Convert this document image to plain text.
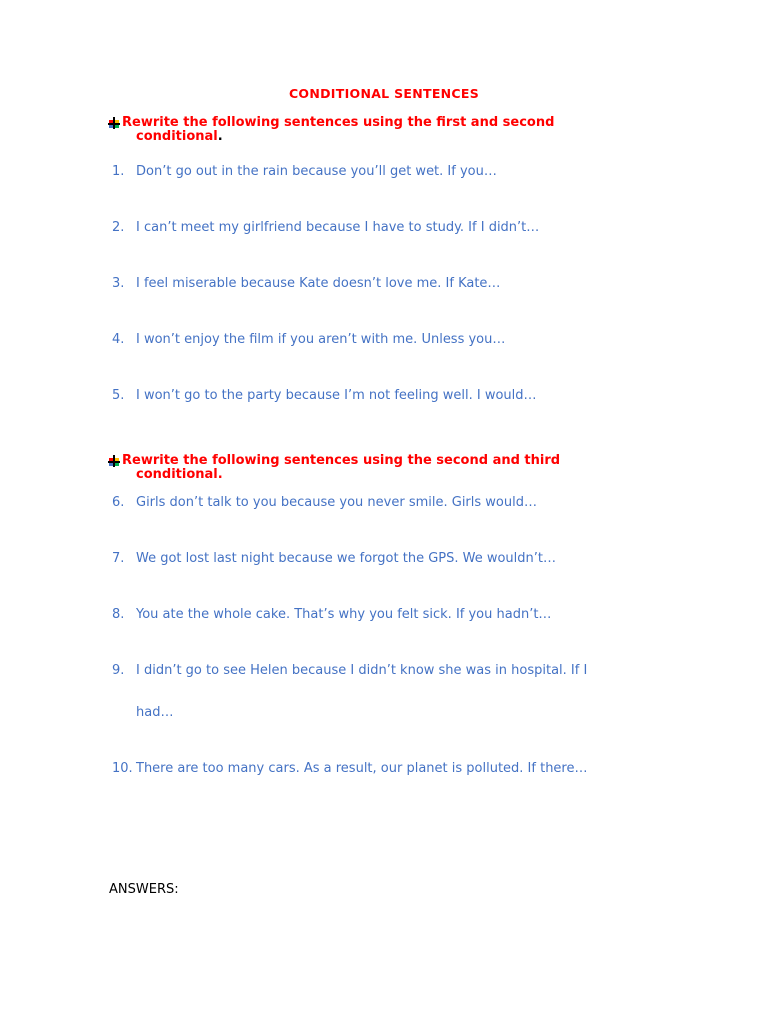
CONDITIONAL SENTENCES
Rewrite the following sentences using the first and second
conditional.
1. Don’t go out in the rain because you’ll get wet. If you…
2. I can’t meet my girlfriend because I have to study. If I didn’t…
3. I feel miserable because Kate doesn’t love me. If Kate…
4. I won’t enjoy the film if you aren’t with me. Unless you…
5. I won’t go to the party because I’m not feeling well. I would…
Rewrite the following sentences using the second and third
conditional.
6. Girls don’t talk to you because you never smile. Girls would…
7. We got lost last night because we forgot the GPS. We wouldn’t…
8. You ate the whole cake. That’s why you felt sick. If you hadn’t…
9. I didn’t go to see Helen because I didn’t know she was in hospital. If I
had…
10. There are too many cars. As a result, our planet is polluted. If there…
ANSWERS:
